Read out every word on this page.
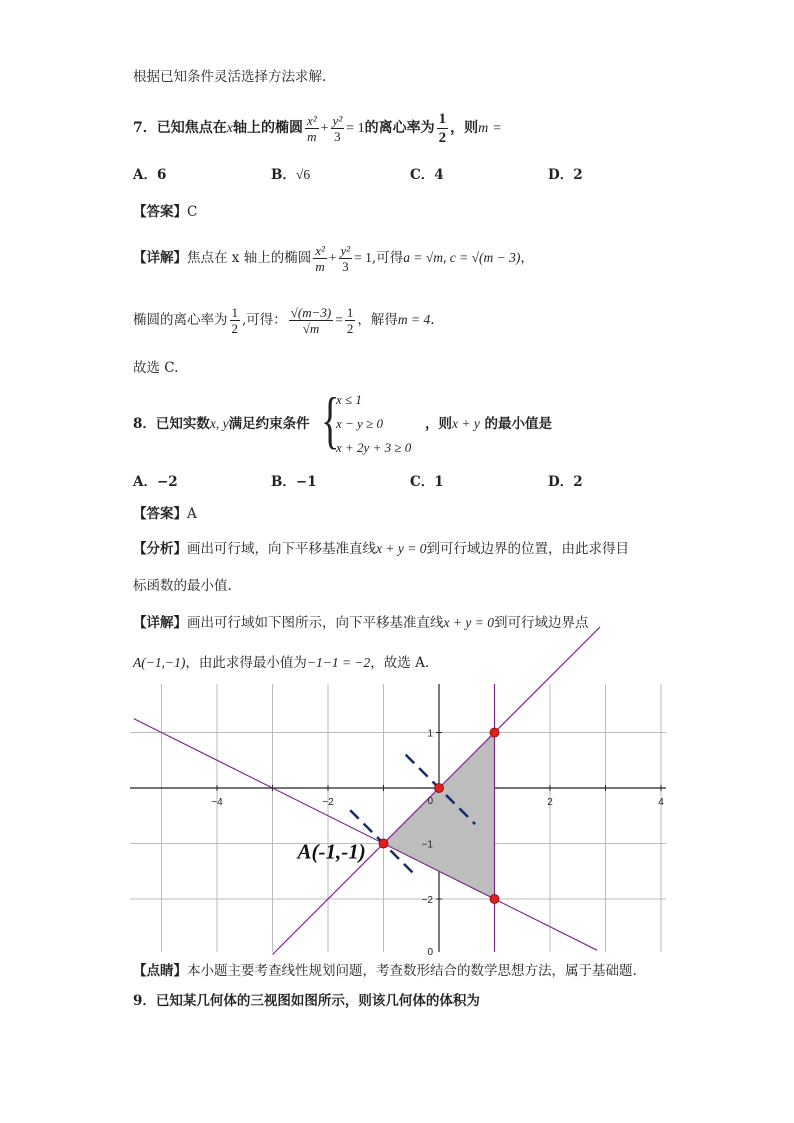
根据已知条件灵活选择方法求解.
7．已知焦点在x轴上的椭圆 $\frac{\text{x²}}{m} + \frac{\text{y²}}{3} = 1$的离心率为 $\frac{1}{2}$ ，则m =
A．6	B．√6	C．4	D．2
【答案】C
【详解】焦点在 x 轴上的椭圆 $\frac{\text{x²}}{m} + \frac{\text{y²}}{3} = 1$,可得a = √m, c = √(m − 3)，
椭圆的离心率为 $\frac{1}{2}$ ,可得： $\frac{√(m-3)}{√m} = \frac{1}{2}$ ，解得m = 4.
故选 C.
8．已知实数x, y满足约束条件 {
x ≤ 1
x − y ≥ 0
x + 2y + 3 ≥ 0
，则x + y 的最小值是
A．−2	B．−1	C．1	D．2
【答案】A
【分析】画出可行域，向下平移基准直线x + y = 0到可行域边界的位置，由此求得目
标函数的最小值.
【详解】画出可行域如下图所示，向下平移基准直线x + y = 0到可行域边界点
A(−1,−1)，由此求得最小值为−1−1 = −2，故选 A.
−4	−2	2	4
1
−1
−2
0
0
A(-1,-1)
【点睛】本小题主要考查线性规划问题，考查数形结合的数学思想方法，属于基础题.
9．已知某几何体的三视图如图所示，则该几何体的体积为
